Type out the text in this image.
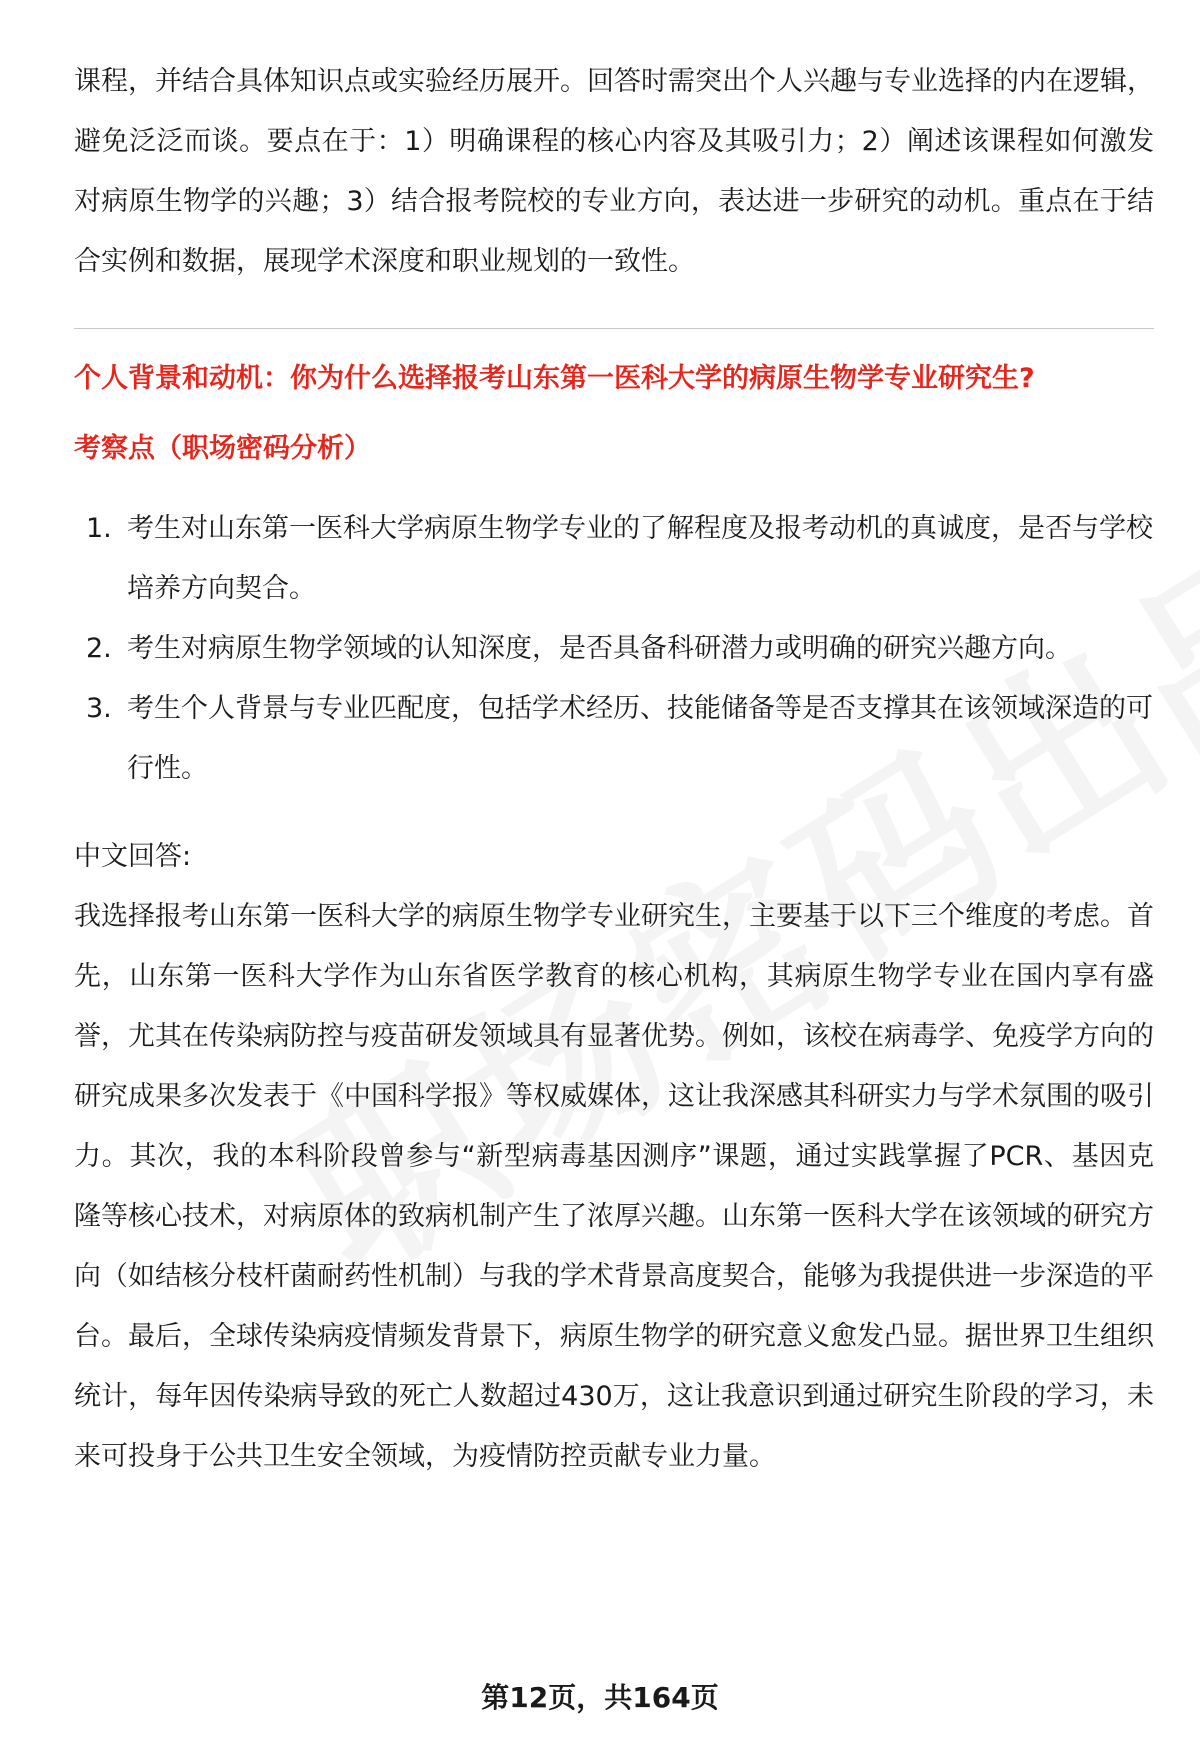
课程，并结合具体知识点或实验经历展开。回答时需突出个人兴趣与专业选择的内在逻辑，避免泛泛而谈。要点在于：1）明确课程的核心内容及其吸引力；2）阐述该课程如何激发对病原生物学的兴趣；3）结合报考院校的专业方向，表达进一步研究的动机。重点在于结合实例和数据，展现学术深度和职业规划的一致性。

个人背景和动机：你为什么选择报考山东第一医科大学的病原生物学专业研究生?
考察点（职场密码分析）
1. 考生对山东第一医科大学病原生物学专业的了解程度及报考动机的真诚度，是否与学校培养方向契合。
2. 考生对病原生物学领域的认知深度，是否具备科研潜力或明确的研究兴趣方向。
3. 考生个人背景与专业匹配度，包括学术经历、技能储备等是否支撑其在该领域深造的可行性。
中文回答:

我选择报考山东第一医科大学的病原生物学专业研究生，主要基于以下三个维度的考虑。首先，山东第一医科大学作为山东省医学教育的核心机构，其病原生物学专业在国内享有盛誉，尤其在传染病防控与疫苗研发领域具有显著优势。例如，该校在病毒学、免疫学方向的研究成果多次发表于《中国科学报》等权威媒体，这让我深感其科研实力与学术氛围的吸引力。其次，我的本科阶段曾参与“新型病毒基因测序”课题，通过实践掌握了PCR、基因克隆等核心技术，对病原体的致病机制产生了浓厚兴趣。山东第一医科大学在该领域的研究方向（如结核分枝杆菌耐药性机制）与我的学术背景高度契合，能够为我提供进一步深造的平台。最后，全球传染病疫情频发背景下，病原生物学的研究意义愈发凸显。据世界卫生组织统计，每年因传染病导致的死亡人数超过430万，这让我意识到通过研究生阶段的学习，未来可投身于公共卫生安全领域，为疫情防控贡献专业力量。

第12页，共164页
